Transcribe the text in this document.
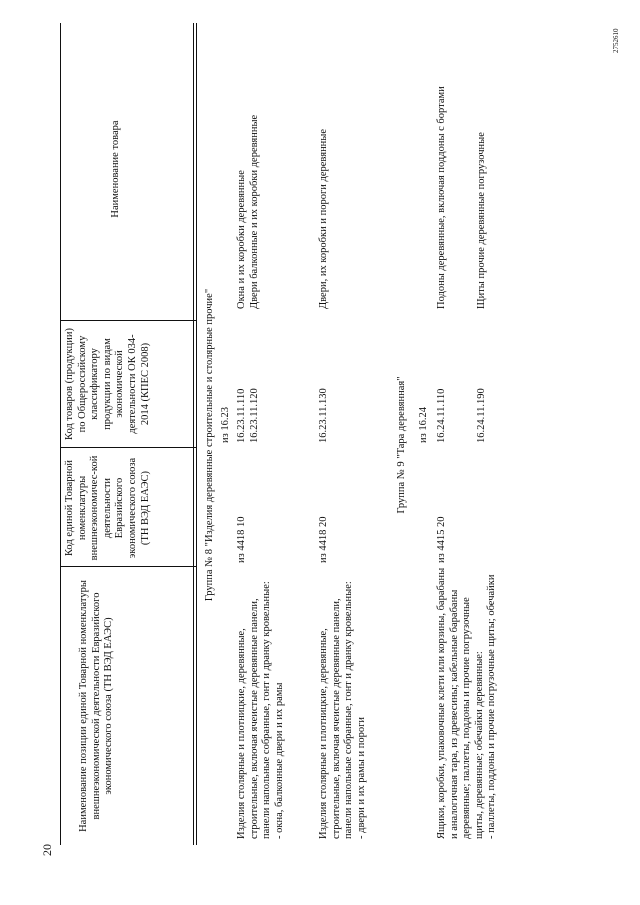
20
Наименование товара
Код товаров (продукции) по Общероссийскому классификатору продукции по видам экономической деятельности ОК 034-2014 (КПЕС 2008)
Код единой Товарной номенклатуры внешнеэкономичес-кой деятельности Евразийского экономического союза (ТН ВЭД ЕАЭС)
Наименование позиции единой Товарной номенклатуры внешнеэкономической деятельности Евразийского экономического союза (ТН ВЭД ЕАЭС)
Группа № 8 "Изделия деревянные строительные и столярные прочие" из 16.23
Окна и их коробки деревянные
16.23.11.110
из 4418 10
Изделия столярные и плотницкие, деревянные, строительные, включая ячеистые деревянные панели, панели напольные собранные, гонт и дранку кровельные:
- окна, балконные двери и их рамы
Двери балконные и их коробки деревянные
16.23.11.120
Двери, их коробки и пороги деревянные
16.23.11.130
из 4418 20
Изделия столярные и плотницкие, деревянные, строительные, включая ячеистые деревянные панели, панели напольные собранные, гонт и дранку кровельные:
- двери и их рамы и пороги
Группа № 9 "Тара деревянная" из 16.24
Подоны деревянные, включая поддоны с бортами
16.24.11.110
из 4415 20
Ящики, коробки, упаковочные клети или корзины, барабаны и аналогичная тара, из древесины; кабельные барабаны деревянные; паллеты, поддоны и прочие погрузочные щиты, деревянные; обечайки деревянные:
- паллеты, поддоны и прочие погрузочные щиты; обечайки
Щиты прочие деревянные погрузочные
16.24.11.190
2752610
